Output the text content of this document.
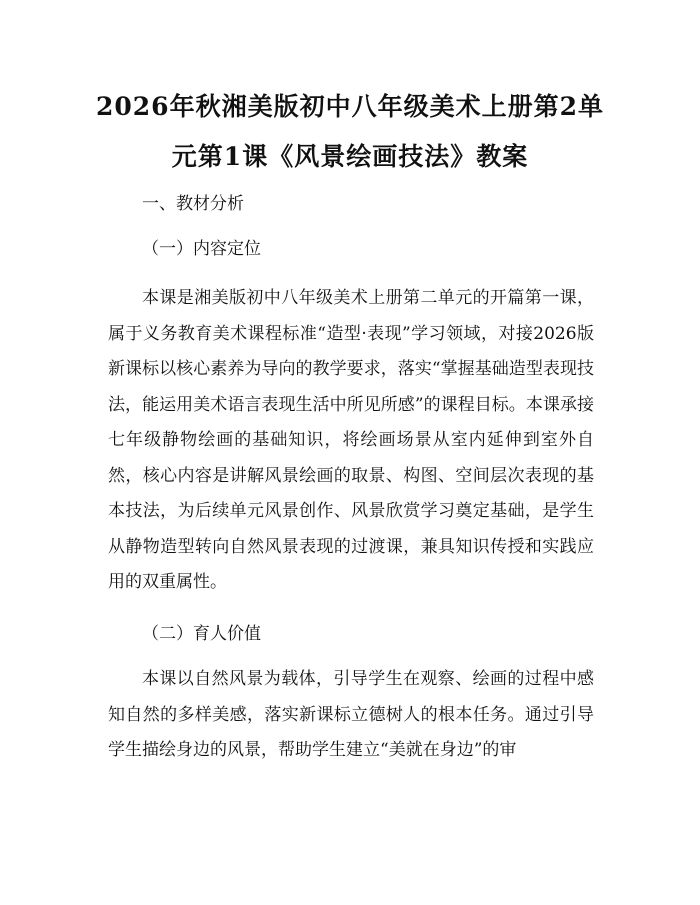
2026年秋湘美版初中八年级美术上册第2单元第1课《风景绘画技法》教案

一、教材分析

（一）内容定位

本课是湘美版初中八年级美术上册第二单元的开篇第一课，属于义务教育美术课程标准“造型·表现”学习领域，对接2026版新课标以核心素养为导向的教学要求，落实“掌握基础造型表现技法，能运用美术语言表现生活中所见所感”的课程目标。本课承接七年级静物绘画的基础知识，将绘画场景从室内延伸到室外自然，核心内容是讲解风景绘画的取景、构图、空间层次表现的基本技法，为后续单元风景创作、风景欣赏学习奠定基础，是学生从静物造型转向自然风景表现的过渡课，兼具知识传授和实践应用的双重属性。

（二）育人价值

本课以自然风景为载体，引导学生在观察、绘画的过程中感知自然的多样美感，落实新课标立德树人的根本任务。通过引导学生描绘身边的风景，帮助学生建立“美就在身边”的审
